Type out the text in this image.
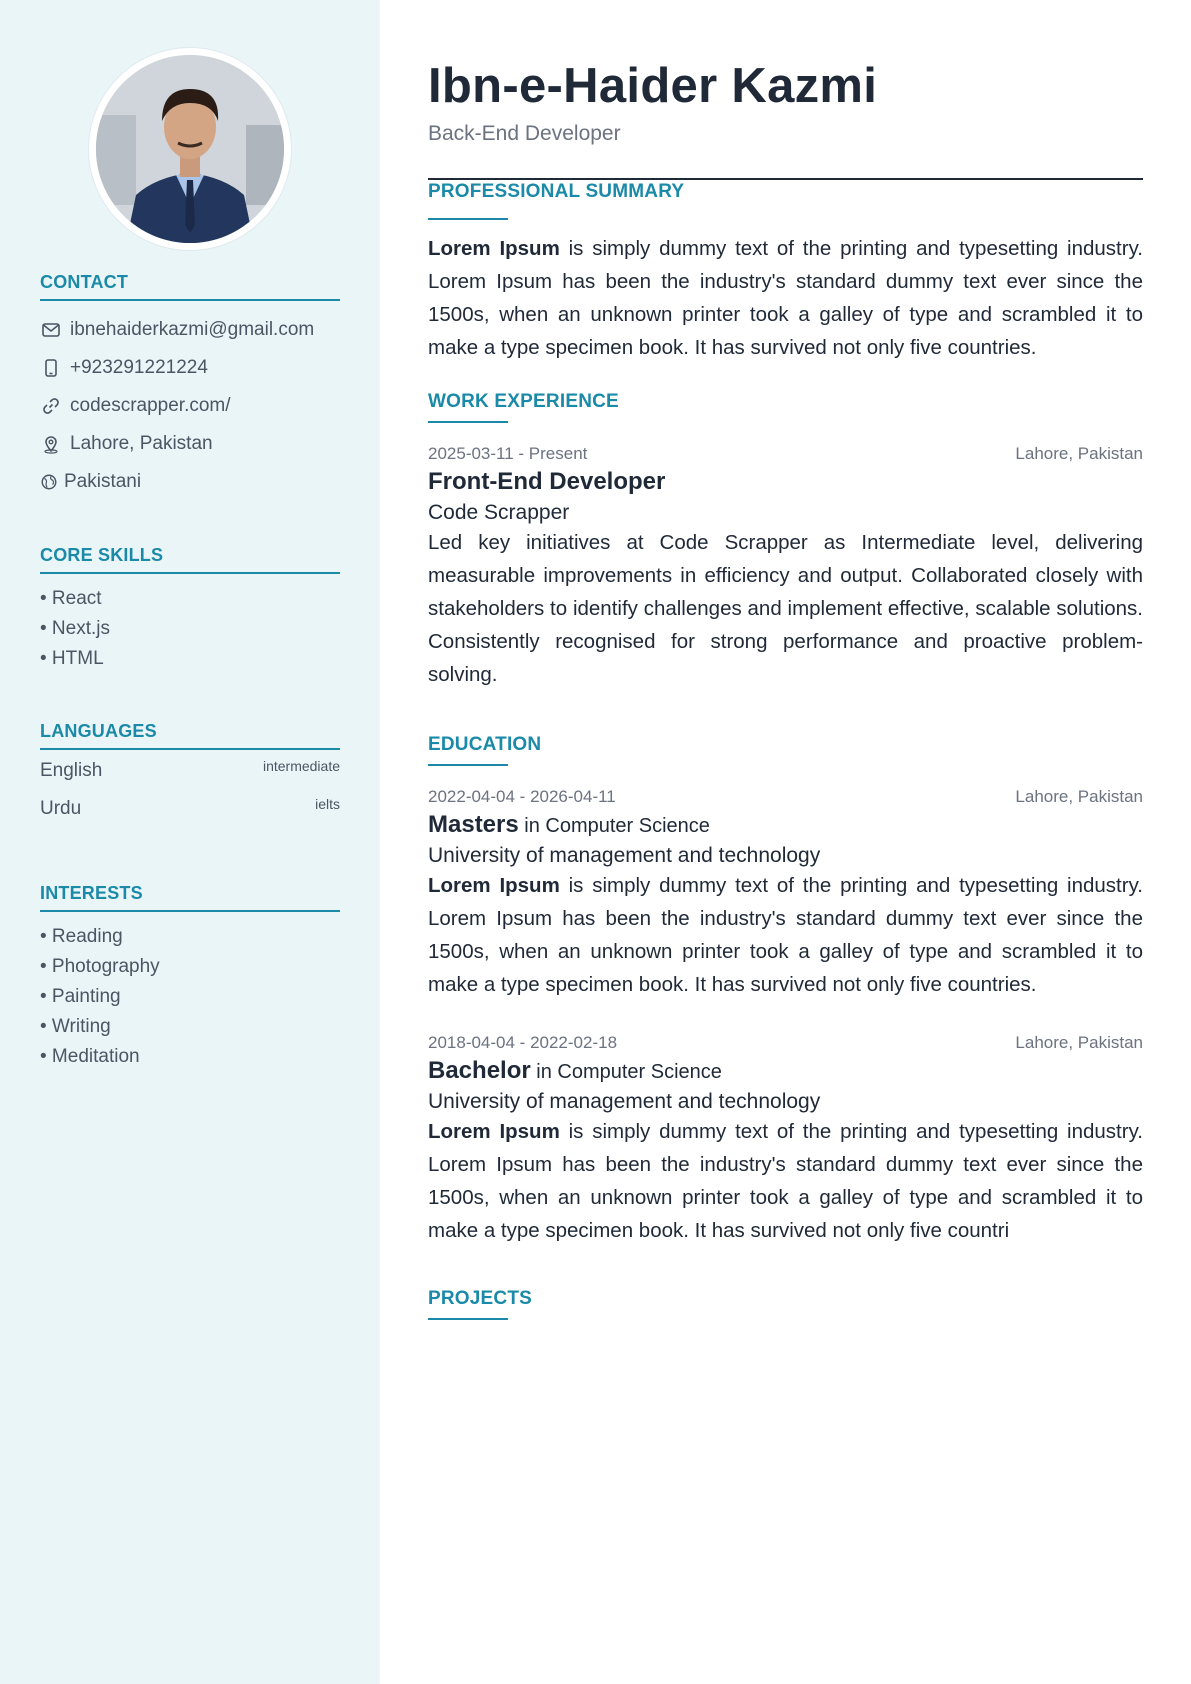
CONTACT
ibnehaiderkazmi@gmail.com
+923291221224
codescrapper.com/
Lahore, Pakistan
Pakistani
CORE SKILLS
• React
• Next.js
• HTML
LANGUAGES
English	intermediate
Urdu	ielts
INTERESTS
• Reading
• Photography
• Painting
• Writing
• Meditation
Ibn-e-Haider Kazmi
Back-End Developer
PROFESSIONAL SUMMARY

Lorem Ipsum is simply dummy text of the printing and typesetting industry. Lorem Ipsum has been the industry's standard dummy text ever since the 1500s, when an unknown printer took a galley of type and scrambled it to make a type specimen book. It has survived not only five countries.

WORK EXPERIENCE
2025-03-11 - Present	Lahore, Pakistan
Front-End Developer
Code Scrapper

Led key initiatives at Code Scrapper as Intermediate level, delivering measurable improvements in efficiency and output. Collaborated closely with stakeholders to identify challenges and implement effective, scalable solutions. Consistently recognised for strong performance and proactive problem-solving.

EDUCATION
2022-04-04 - 2026-04-11	Lahore, Pakistan
Masters in Computer Science
University of management and technology

Lorem Ipsum is simply dummy text of the printing and typesetting industry. Lorem Ipsum has been the industry's standard dummy text ever since the 1500s, when an unknown printer took a galley of type and scrambled it to make a type specimen book. It has survived not only five countries.

2018-04-04 - 2022-02-18	Lahore, Pakistan
Bachelor in Computer Science
University of management and technology

Lorem Ipsum is simply dummy text of the printing and typesetting industry. Lorem Ipsum has been the industry's standard dummy text ever since the 1500s, when an unknown printer took a galley of type and scrambled it to make a type specimen book. It has survived not only five countri

PROJECTS
